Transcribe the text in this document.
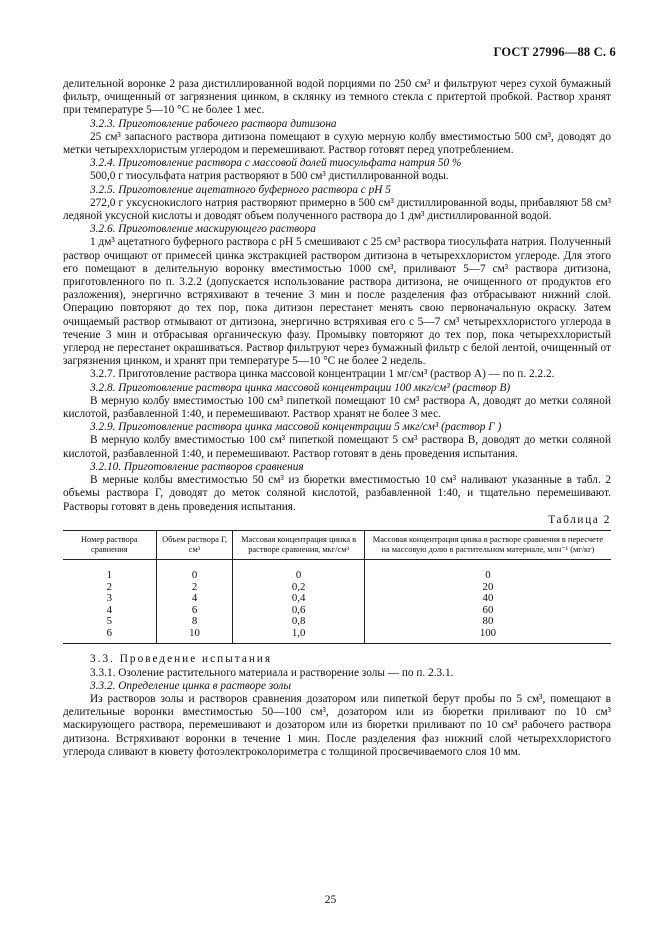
ГОСТ 27996—88 С. 6

делительной воронке 2 раза дистиллированной водой порциями по 250 см³ и фильтруют через сухой бумажный фильтр, очищенный от загрязнения цинком, в склянку из темного стекла с притертой пробкой. Раствор хранят при температуре 5—10 °C не более 1 мес.

3.2.3. Приготовление рабочего раствора дитизона

25 см³ запасного раствора дитизона помещают в сухую мерную колбу вместимостью 500 см³, доводят до метки четыреххлористым углеродом и перемешивают. Раствор готовят перед употреблением.

3.2.4. Приготовление раствора с массовой долей тиосульфата натрия 50 %

500,0 г тиосульфата натрия растворяют в 500 см³ дистиллированной воды.

3.2.5. Приготовление ацетатного буферного раствора с pH 5

272,0 г уксуснокислого натрия растворяют примерно в 500 см³ дистиллированной воды, прибавляют 58 см³ ледяной уксусной кислоты и доводят объем полученного раствора до 1 дм³ дистиллированной водой.

3.2.6. Приготовление маскирующего раствора

1 дм³ ацетатного буферного раствора с pH 5 смешивают с 25 см³ раствора тиосульфата натрия. Полученный раствор очищают от примесей цинка экстракцией раствором дитизона в четыреххлористом углероде. Для этого его помещают в делительную воронку вместимостью 1000 см³, приливают 5—7 см³ раствора дитизона, приготовленного по п. 3.2.2 (допускается использование раствора дитизона, не очищенного от продуктов его разложения), энергично встряхивают в течение 3 мин и после разделения фаз отбрасывают нижний слой. Операцию повторяют до тех пор, пока дитизон перестанет менять свою первоначальную окраску. Затем очищаемый раствор отмывают от дитизона, энергично встряхивая его с 5—7 см³ четыреххлористого углерода в течение 3 мин и отбрасывая органическую фазу. Промывку повторяют до тех пор, пока четыреххлористый углерод не перестанет окрашиваться. Раствор фильтруют через бумажный фильтр с белой лентой, очищенный от загрязнения цинком, и хранят при температуре 5—10 °C не более 2 недель.

3.2.7. Приготовление раствора цинка массовой концентрации 1 мг/см³ (раствор А) — по п. 2.2.2.

3.2.8. Приготовление раствора цинка массовой концентрации 100 мкг/см³ (раствор В)

В мерную колбу вместимостью 100 см³ пипеткой помещают 10 см³ раствора А, доводят до метки соляной кислотой, разбавленной 1:40, и перемешивают. Раствор хранят не более 3 мес.

3.2.9. Приготовление раствора цинка массовой концентрации 5 мкг/см³ (раствор Г )

В мерную колбу вместимостью 100 см³ пипеткой помещают 5 см³ раствора В, доводят до метки соляной кислотой, разбавленной 1:40, и перемешивают. Раствор готовят в день проведения испытания.

3.2.10. Приготовление растворов сравнения

В мерные колбы вместимостью 50 см³ из бюретки вместимостью 10 см³ наливают указанные в табл. 2 объемы раствора Г, доводят до меток соляной кислотой, разбавленной 1:40, и тщательно перемешивают. Растворы готовят в день проведения испытания.

Таблица 2

Номер раствора сравнения	Объем раствора Г, см³	Массовая концентрация цинка в растворе сравнения, мкг/см³	Массовая концентрация цинка в растворе сравнения в пересчете на массовую долю в растительном материале, млн⁻¹ (мг/кг)
1	0	0	0
2	2	0,2	20
3	4	0,4	40
4	6	0,6	60
5	8	0,8	80
6	10	1,0	100

3.3. Проведение испытания

3.3.1. Озоление растительного материала и растворение золы — по п. 2.3.1.

3.3.2. Определение цинка в растворе золы

Из растворов золы и растворов сравнения дозатором или пипеткой берут пробы по 5 см³, помещают в делительные воронки вместимостью 50—100 см³, дозатором или из бюретки приливают по 10 см³ маскирующего раствора, перемешивают и дозатором или из бюретки приливают по 10 см³ рабочего раствора дитизона. Встряхивают воронки в течение 1 мин. После разделения фаз нижний слой четыреххлористого углерода сливают в кювету фотоэлектроколориметра с толщиной просвечиваемого слоя 10 мм.

25
